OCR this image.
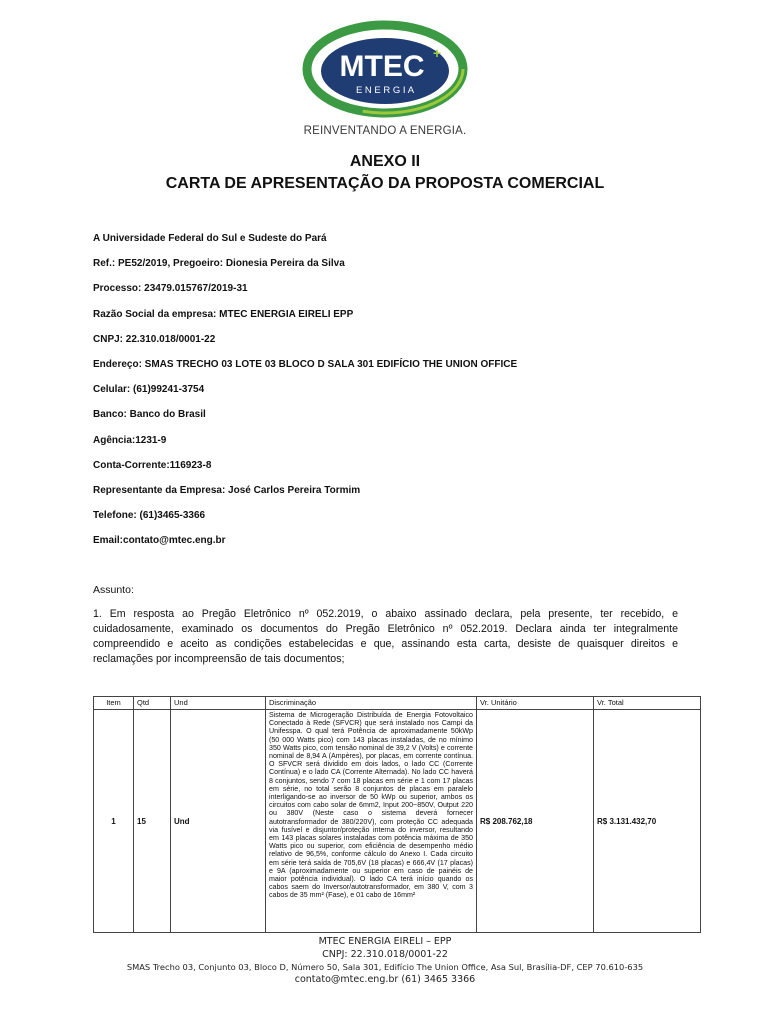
MTEC +
E N E R G I A
REINVENTANDO A ENERGIA.
ANEXO II
CARTA DE APRESENTAÇÃO DA PROPOSTA COMERCIAL
A Universidade Federal do Sul e Sudeste do Pará
Ref.: PE52/2019, Pregoeiro: Dionesia Pereira da Silva
Processo: 23479.015767/2019-31
Razão Social da empresa: MTEC ENERGIA EIRELI EPP
CNPJ: 22.310.018/0001-22
Endereço: SMAS TRECHO 03 LOTE 03 BLOCO D SALA 301 EDIFÍCIO THE UNION OFFICE
Celular: (61)99241-3754
Banco: Banco do Brasil
Agência:1231-9
Conta-Corrente:116923-8
Representante da Empresa: José Carlos Pereira Tormim
Telefone: (61)3465-3366
Email:contato@mtec.eng.br
Assunto:
1. Em resposta ao Pregão Eletrônico nº 052.2019, o abaixo assinado declara, pela presente, ter recebido, e cuidadosamente, examinado os documentos do Pregão Eletrônico nº 052.2019. Declara ainda ter integralmente compreendido e aceito as condições estabelecidas e que, assinando esta carta, desiste de quaisquer direitos e reclamações por incompreensão de tais documentos;
Item	Qtd	Und	Discriminação	Vr. Unitário	Vr. Total
1	15	Und	Sistema de Microgeração Distribuída de Energia Fotovoltaico Conectado à Rede (SFVCR) que será instalado nos Campi da Unifesspa. O qual terá Potência de aproximadamente 50kWp (50 000 Watts pico) com 143 placas instaladas, de no mínimo 350 Watts pico, com tensão nominal de 39,2 V (Volts) e corrente nominal de 8,94 A (Ampères), por placas, em corrente contínua. O SFVCR será dividido em dois lados, o lado CC (Corrente Contínua) e o lado CA (Corrente Alternada). No lado CC haverá 8 conjuntos, sendo 7 com 18 placas em série e 1 com 17 placas em série, no total serão 8 conjuntos de placas em paralelo interligando-se ao inversor de 50 kWp ou superior, ambos os circuitos com cabo solar de 6mm2, Input 200~850V, Output 220 ou 380V (Neste caso o sistema deverá fornecer autotransformador de 380/220V), com proteção CC adequada via fusível e disjuntor/proteção interna do inversor, resultando em 143 placas solares instaladas com potência máxima de 350 Watts pico ou superior, com eficiência de desempenho médio relativo de 96,5%, conforme cálculo do Anexo I. Cada circuito em série terá saída de 705,6V (18 placas) e 666,4V (17 placas) e 9A (aproximadamente ou superior em caso de painéis de maior potência individual). O lado CA terá início quando os cabos saem do Inversor/autotransformador, em 380 V, com 3 cabos de 35 mm² (Fase), e 01 cabo de 16mm²	R$ 208.762,18	R$ 3.131.432,70
MTEC ENERGIA EIRELI – EPP
CNPJ: 22.310.018/0001-22
SMAS Trecho 03, Conjunto 03, Bloco D, Número 50, Sala 301, Edifício The Union Office, Asa Sul, Brasília-DF, CEP 70.610-635
contato@mtec.eng.br (61) 3465 3366
